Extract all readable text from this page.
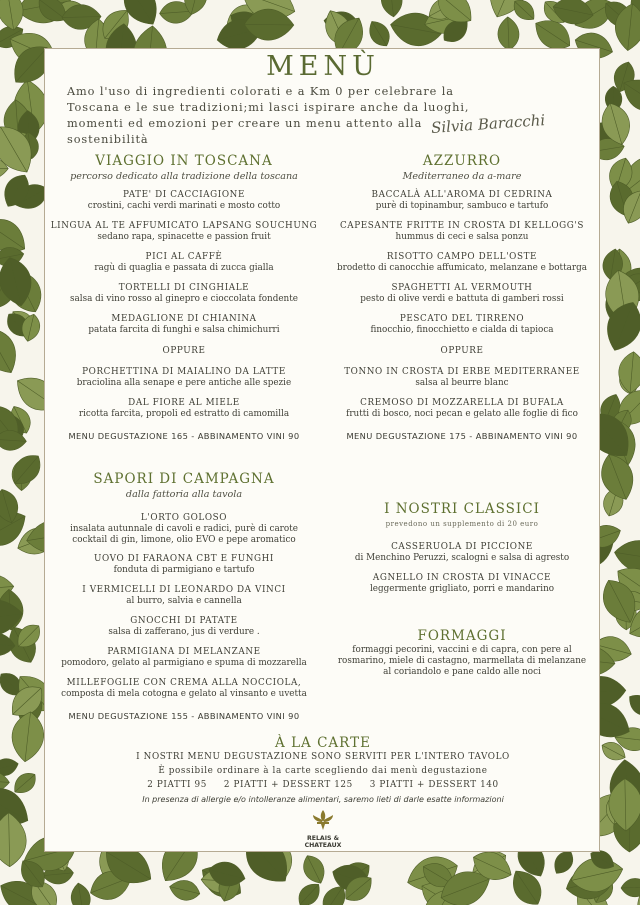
MENÙ
Amo l'uso di ingredienti colorati e a Km 0 per celebrare la Toscana e le sue tradizioni;mi lasci ispirare anche da luoghi, momenti ed emozioni per creare un menu attento alla sostenibilità
Silvia Baracchi
VIAGGIO IN TOSCANA
percorso dedicato alla tradizione della toscana
PATE' DI CACCIAGIONE
crostini, cachi verdi marinati e mosto cotto
LINGUA AL TE AFFUMICATO LAPSANG SOUCHUNG
sedano rapa, spinacette e passion fruit
PICI AL CAFFÈ
ragù di quaglia e passata di zucca gialla
TORTELLI DI CINGHIALE
salsa di vino rosso al ginepro e cioccolata fondente
MEDAGLIONE DI CHIANINA
patata farcita di funghi e salsa chimichurri
OPPURE
PORCHETTINA DI MAIALINO DA LATTE
braciolina alla senape e pere antiche alle spezie
DAL FIORE AL MIELE
ricotta farcita, propoli ed estratto di camomilla
MENU DEGUSTAZIONE 165 - ABBINAMENTO VINI 90
AZZURRO
Mediterraneo da a-mare
BACCALÀ ALL'AROMA DI CEDRINA
purè di topinambur, sambuco e tartufo
CAPESANTE FRITTE IN CROSTA DI KELLOGG'S
hummus di ceci e salsa ponzu
RISOTTO CAMPO DELL'OSTE
brodetto di canocchie affumicato, melanzane e bottarga
SPAGHETTI AL VERMOUTH
pesto di olive verdi e battuta di gamberi rossi
PESCATO DEL TIRRENO
finocchio, finocchietto e cialda di tapioca
OPPURE
TONNO IN CROSTA DI ERBE MEDITERRANEE
salsa al beurre blanc
CREMOSO DI MOZZARELLA DI BUFALA
frutti di bosco, noci pecan e gelato alle foglie di fico
MENU DEGUSTAZIONE 175 - ABBINAMENTO VINI 90
SAPORI DI CAMPAGNA
dalla fattoria alla tavola
L'ORTO GOLOSO
insalata autunnale di cavoli e radici, purè di carote
cocktail di gin, limone, olio EVO e pepe aromatico
UOVO DI FARAONA CBT E FUNGHI
fonduta di parmigiano e tartufo
I VERMICELLI DI LEONARDO DA VINCI
al burro, salvia e cannella
GNOCCHI DI PATATE
salsa di zafferano, jus di verdure .
PARMIGIANA DI MELANZANE
pomodoro, gelato al parmigiano e spuma di mozzarella
MILLEFOGLIE CON CREMA ALLA NOCCIOLA,
composta di mela cotogna e gelato al vinsanto e uvetta
MENU DEGUSTAZIONE 155 - ABBINAMENTO VINI 90
I NOSTRI CLASSICI
prevedono un supplemento di 20 euro
CASSERUOLA DI PICCIONE
di Menchino Peruzzi, scalogni e salsa di agresto
AGNELLO IN CROSTA DI VINACCE
leggermente grigliato, porri e mandarino
FORMAGGI
formaggi pecorini, vaccini e di capra, con pere al
rosmarino, miele di castagno, marmellata di melanzane
al coriandolo e pane caldo alle noci
À LA CARTE
I NOSTRI MENU DEGUSTAZIONE SONO SERVITI PER L'INTERO TAVOLO
È possibile ordinare à la carte scegliendo dai menù degustazione
2 PIATTI 95     2 PIATTI + DESSERT 125     3 PIATTI + DESSERT 140
In presenza di allergie e/o intolleranze alimentari, saremo lieti di darle esatte informazioni
RELAIS &
CHATEAUX
